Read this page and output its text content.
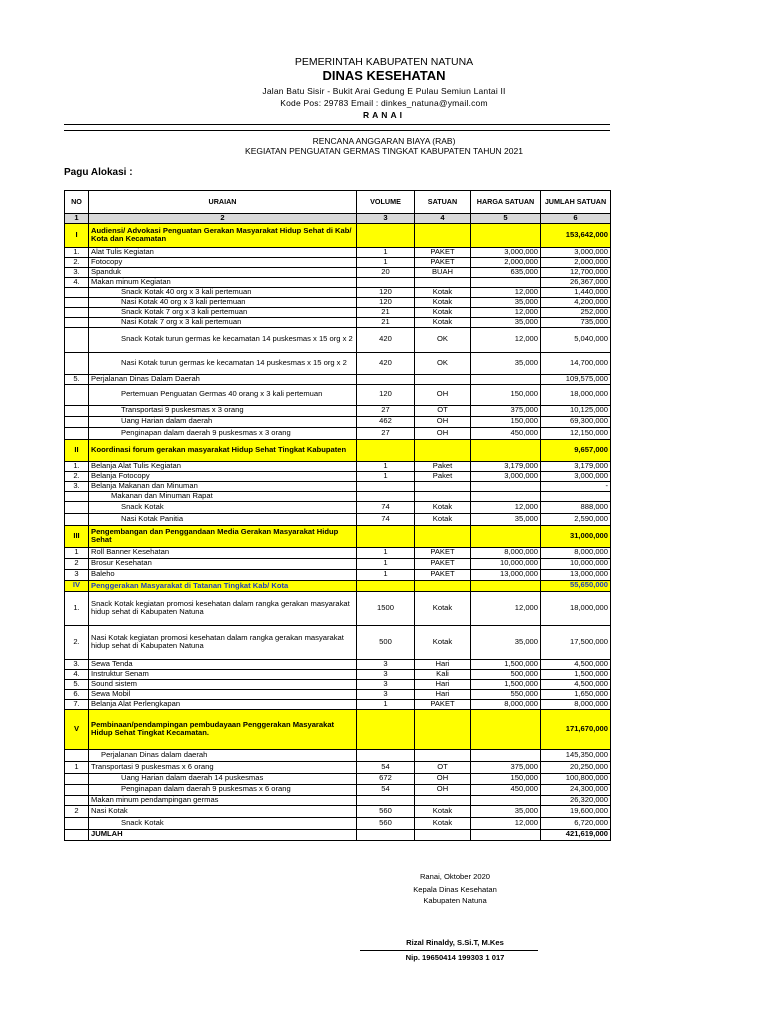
PEMERINTAH KABUPATEN NATUNA
DINAS KESEHATAN
Jalan Batu Sisir - Bukit Arai Gedung E Pulau Semiun Lantai II
Kode Pos: 29783 Email : dinkes_natuna@ymail.com
RANAI
RENCANA ANGGARAN BIAYA (RAB)
KEGIATAN PENGUATAN GERMAS TINGKAT KABUPATEN TAHUN 2021
Pagu Alokasi :
NO	URAIAN	VOLUME	SATUAN	HARGA SATUAN	JUMLAH SATUAN
1	2	3	4	5	6
I	Audiensi/ Advokasi Penguatan Gerakan Masyarakat Hidup Sehat di Kab/ Kota dan Kecamatan				153,642,000
1.	Alat Tulis Kegiatan	1	PAKET	3,000,000	3,000,000
2.	Fotocopy	1	PAKET	2,000,000	2,000,000
3.	Spanduk	20	BUAH	635,000	12,700,000
4.	Makan minum Kegiatan				26,367,000
	Snack Kotak 40 org x 3 kali pertemuan	120	Kotak	12,000	1,440,000
	Nasi Kotak 40 org x 3 kali pertemuan	120	Kotak	35,000	4,200,000
	Snack Kotak 7 org x 3 kali pertemuan	21	Kotak	12,000	252,000
	Nasi Kotak 7 org x 3 kali pertemuan	21	Kotak	35,000	735,000
	Snack Kotak turun germas ke kecamatan 14 puskesmas x 15 org x 2	420	OK	12,000	5,040,000
	Nasi Kotak turun germas ke kecamatan 14 puskesmas x 15 org x 2	420	OK	35,000	14,700,000
5.	Perjalanan Dinas Dalam Daerah				109,575,000
	Pertemuan Penguatan Germas 40 orang x 3 kali pertemuan	120	OH	150,000	18,000,000
	Transportasi 9 puskesmas x 3 orang	27	OT	375,000	10,125,000
	Uang Harian dalam daerah	462	OH	150,000	69,300,000
	Penginapan dalam daerah 9 puskesmas x 3 orang	27	OH	450,000	12,150,000
II	Koordinasi forum gerakan masyarakat Hidup Sehat Tingkat Kabupaten				9,657,000
1.	Belanja Alat Tulis Kegiatan	1	Paket	3,179,000	3,179,000
2.	Belanja Fotocopy	1	Paket	3,000,000	3,000,000
3.	Belanja Makanan dan Minuman				-
	Makanan dan Minuman Rapat				
	Snack Kotak	74	Kotak	12,000	888,000
	Nasi Kotak Panitia	74	Kotak	35,000	2,590,000
III	Pengembangan dan Penggandaan Media Gerakan Masyarakat Hidup Sehat				31,000,000
1	Roll Banner Kesehatan	1	PAKET	8,000,000	8,000,000
2	Brosur Kesehatan	1	PAKET	10,000,000	10,000,000
3	Baleho	1	PAKET	13,000,000	13,000,000
IV	Penggerakan Masyarakat di Tatanan Tingkat Kab/ Kota				55,650,000
1.	Snack Kotak kegiatan promosi kesehatan dalam rangka gerakan masyarakat hidup sehat di Kabupaten Natuna	1500	Kotak	12,000	18,000,000
2.	Nasi Kotak kegiatan promosi kesehatan dalam rangka gerakan masyarakat hidup sehat di Kabupaten Natuna	500	Kotak	35,000	17,500,000
3.	Sewa Tenda	3	Hari	1,500,000	4,500,000
4.	Instruktur Senam	3	Kali	500,000	1,500,000
5.	Sound sistem	3	Hari	1,500,000	4,500,000
6.	Sewa Mobil	3	Hari	550,000	1,650,000
7.	Belanja Alat Perlengkapan	1	PAKET	8,000,000	8,000,000
V	Pembinaan/pendampingan pembudayaan Penggerakan Masyarakat Hidup Sehat Tingkat Kecamatan.				171,670,000
	Perjalanan Dinas dalam daerah				145,350,000
1	Transportasi 9 puskesmas x 6 orang	54	OT	375,000	20,250,000
	Uang Harian dalam daerah 14 puskesmas	672	OH	150,000	100,800,000
	Penginapan dalam daerah 9 puskesmas x 6 orang	54	OH	450,000	24,300,000
	Makan minum pendampingan germas				26,320,000
2	Nasi Kotak	560	Kotak	35,000	19,600,000
	Snack Kotak	560	Kotak	12,000	6,720,000
	JUMLAH				421,619,000
Ranai, Oktober 2020
Kepala Dinas Kesehatan
Kabupaten Natuna
Rizal Rinaldy, S.Si.T, M.Kes
Nip. 19650414 199303 1 017
